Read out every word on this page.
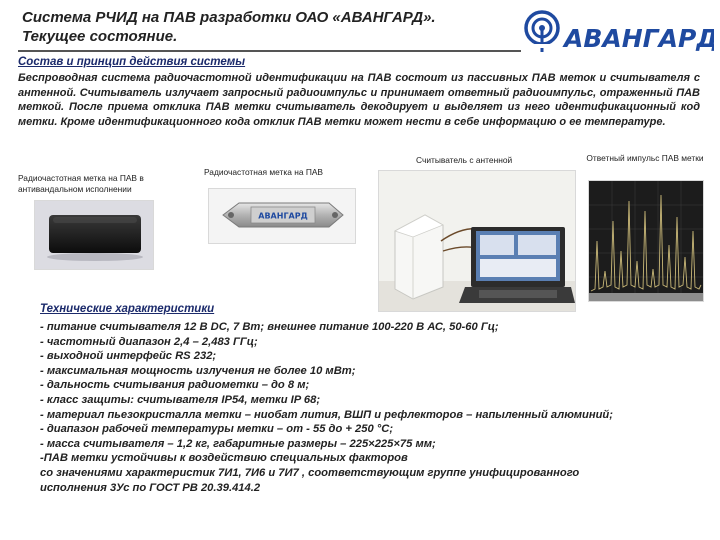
Система РЧИД на ПАВ разработки ОАО «АВАНГАРД».
Текущее состояние.	АВАНГАРД
Состав и принцип действия системы
Беспроводная система радиочастотной идентификации на ПАВ состоит из пассивных ПАВ меток и считывателя с антенной. Считыватель излучает запросный радиоимпульс и принимает ответный радиоимпульс, отраженный ПАВ меткой. После приема отклика ПАВ метки считыватель декодирует и выделяет из него идентификационный код метки. Кроме идентификационного кода отклик ПАВ метки может нести в себе информацию о ее температуре.
Радиочастотная метка на ПАВ в антивандальном исполнении
Радиочастотная метка на ПАВ
Считыватель с антенной	Ответный импульс ПАВ метки
АВАНГАРД
Технические характеристики
- питание считывателя 12 В DC, 7 Вт; внешнее питание 100-220 В АС, 50-60 Гц;
- частотный диапазон 2,4 – 2,483 ГГц;
- выходной интерфейс RS 232;
- максимальная мощность излучения не более 10 мВт;
- дальность считывания радиометки – до 8 м;
- класс защиты: считывателя IP54, метки IP 68;
- материал пьезокристалла метки – ниобат лития, ВШП и рефлекторов – напыленный алюминий;
- диапазон рабочей температуры метки – от - 55 до + 250 °С;
- масса считывателя – 1,2 кг, габаритные размеры – 225×225×75 мм;
-ПАВ метки устойчивы к воздействию специальных факторов
со значениями характеристик 7И1, 7И6 и 7И7 , соответствующим группе унифицированного
исполнения 3Ус по ГОСТ РВ 20.39.414.2
